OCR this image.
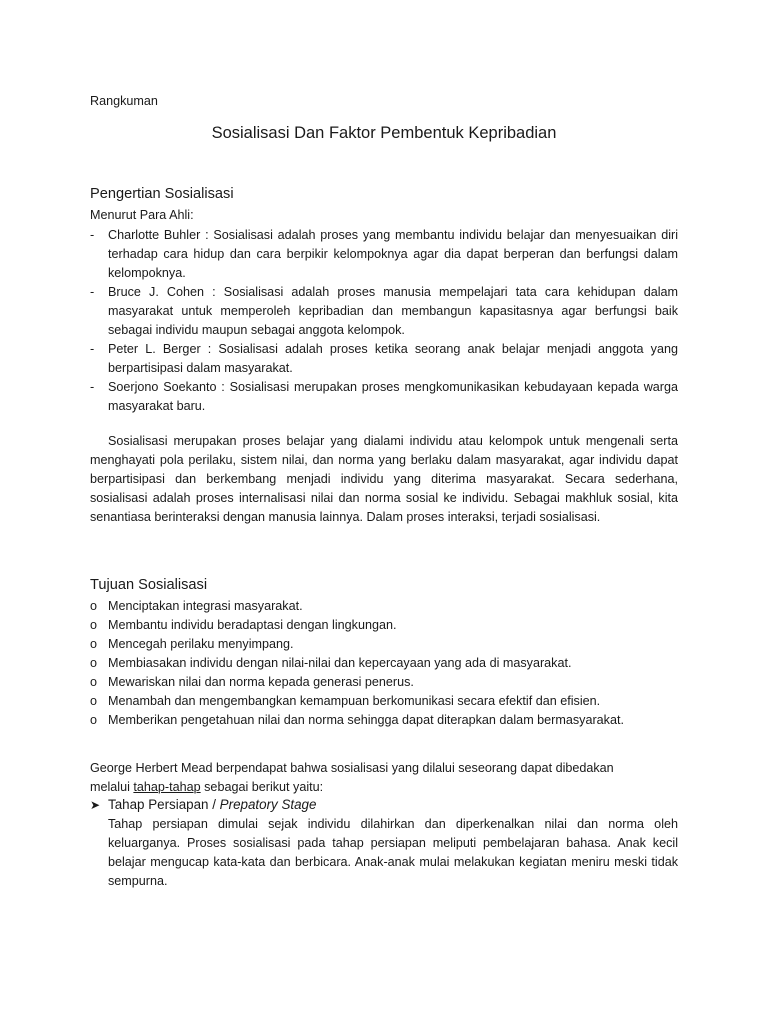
Rangkuman
Sosialisasi Dan Faktor Pembentuk Kepribadian
Pengertian Sosialisasi
Menurut Para Ahli:
- Charlotte Buhler : Sosialisasi adalah proses yang membantu individu belajar dan menyesuaikan diri terhadap cara hidup dan cara berpikir kelompoknya agar dia dapat berperan dan berfungsi dalam kelompoknya.
- Bruce J. Cohen : Sosialisasi adalah proses manusia mempelajari tata cara kehidupan dalam masyarakat untuk memperoleh kepribadian dan membangun kapasitasnya agar berfungsi baik sebagai individu maupun sebagai anggota kelompok.
- Peter L. Berger : Sosialisasi adalah proses ketika seorang anak belajar menjadi anggota yang berpartisipasi dalam masyarakat.
- Soerjono Soekanto : Sosialisasi merupakan proses mengkomunikasikan kebudayaan kepada warga masyarakat baru.

Sosialisasi merupakan proses belajar yang dialami individu atau kelompok untuk mengenali serta menghayati pola perilaku, sistem nilai, dan norma yang berlaku dalam masyarakat, agar individu dapat berpartisipasi dan berkembang menjadi individu yang diterima masyarakat. Secara sederhana, sosialisasi adalah proses internalisasi nilai dan norma sosial ke individu. Sebagai makhluk sosial, kita senantiasa berinteraksi dengan manusia lainnya. Dalam proses interaksi, terjadi sosialisasi.

Tujuan Sosialisasi
o Menciptakan integrasi masyarakat.
o Membantu individu beradaptasi dengan lingkungan.
o Mencegah perilaku menyimpang.
o Membiasakan individu dengan nilai-nilai dan kepercayaan yang ada di masyarakat.
o Mewariskan nilai dan norma kepada generasi penerus.
o Menambah dan mengembangkan kemampuan berkomunikasi secara efektif dan efisien.
o Memberikan pengetahuan nilai dan norma sehingga dapat diterapkan dalam bermasyarakat.

George Herbert Mead berpendapat bahwa sosialisasi yang dilalui seseorang dapat dibedakan
melalui tahap-tahap sebagai berikut yaitu:

➤ Tahap Persiapan / Prepatory Stage

Tahap persiapan dimulai sejak individu dilahirkan dan diperkenalkan nilai dan norma oleh keluarganya. Proses sosialisasi pada tahap persiapan meliputi pembelajaran bahasa. Anak kecil belajar mengucap kata-kata dan berbicara. Anak-anak mulai melakukan kegiatan meniru meski tidak sempurna.
